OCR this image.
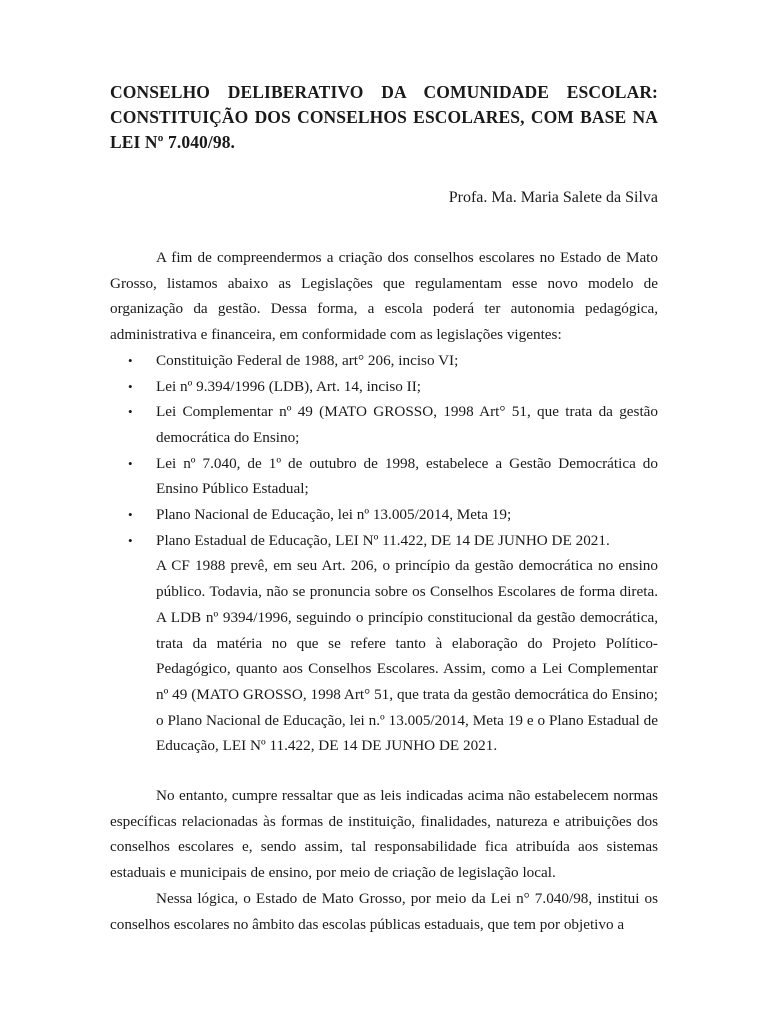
CONSELHO DELIBERATIVO DA COMUNIDADE ESCOLAR:
CONSTITUIÇÃO DOS CONSELHOS ESCOLARES, COM BASE NA
LEI Nº 7.040/98.
Profa. Ma. Maria Salete da Silva

A fim de compreendermos a criação dos conselhos escolares no Estado de Mato Grosso, listamos abaixo as Legislações que regulamentam esse novo modelo de organização da gestão. Dessa forma, a escola poderá ter autonomia pedagógica, administrativa e financeira, em conformidade com as legislações vigentes:

• Constituição Federal de 1988, art° 206, inciso VI;
• Lei nº 9.394/1996 (LDB), Art. 14, inciso II;
• Lei Complementar nº 49 (MATO GROSSO, 1998 Art° 51, que trata da gestão democrática do Ensino;
• Lei nº 7.040, de 1º de outubro de 1998, estabelece a Gestão Democrática do Ensino Público Estadual;
• Plano Nacional de Educação, lei nº 13.005/2014, Meta 19;
• Plano Estadual de Educação, LEI Nº 11.422, DE 14 DE JUNHO DE 2021.

A CF 1988 prevê, em seu Art. 206, o princípio da gestão democrática no ensino público. Todavia, não se pronuncia sobre os Conselhos Escolares de forma direta. A LDB nº 9394/1996, seguindo o princípio constitucional da gestão democrática, trata da matéria no que se refere tanto à elaboração do Projeto Político-Pedagógico, quanto aos Conselhos Escolares. Assim, como a Lei Complementar nº 49 (MATO GROSSO, 1998 Art° 51, que trata da gestão democrática do Ensino; o Plano Nacional de Educação, lei n.º 13.005/2014, Meta 19 e o Plano Estadual de Educação, LEI Nº 11.422, DE 14 DE JUNHO DE 2021.

No entanto, cumpre ressaltar que as leis indicadas acima não estabelecem normas específicas relacionadas às formas de instituição, finalidades, natureza e atribuições dos conselhos escolares e, sendo assim, tal responsabilidade fica atribuída aos sistemas estaduais e municipais de ensino, por meio de criação de legislação local.

Nessa lógica, o Estado de Mato Grosso, por meio da Lei n° 7.040/98, institui os conselhos escolares no âmbito das escolas públicas estaduais, que tem por objetivo a
